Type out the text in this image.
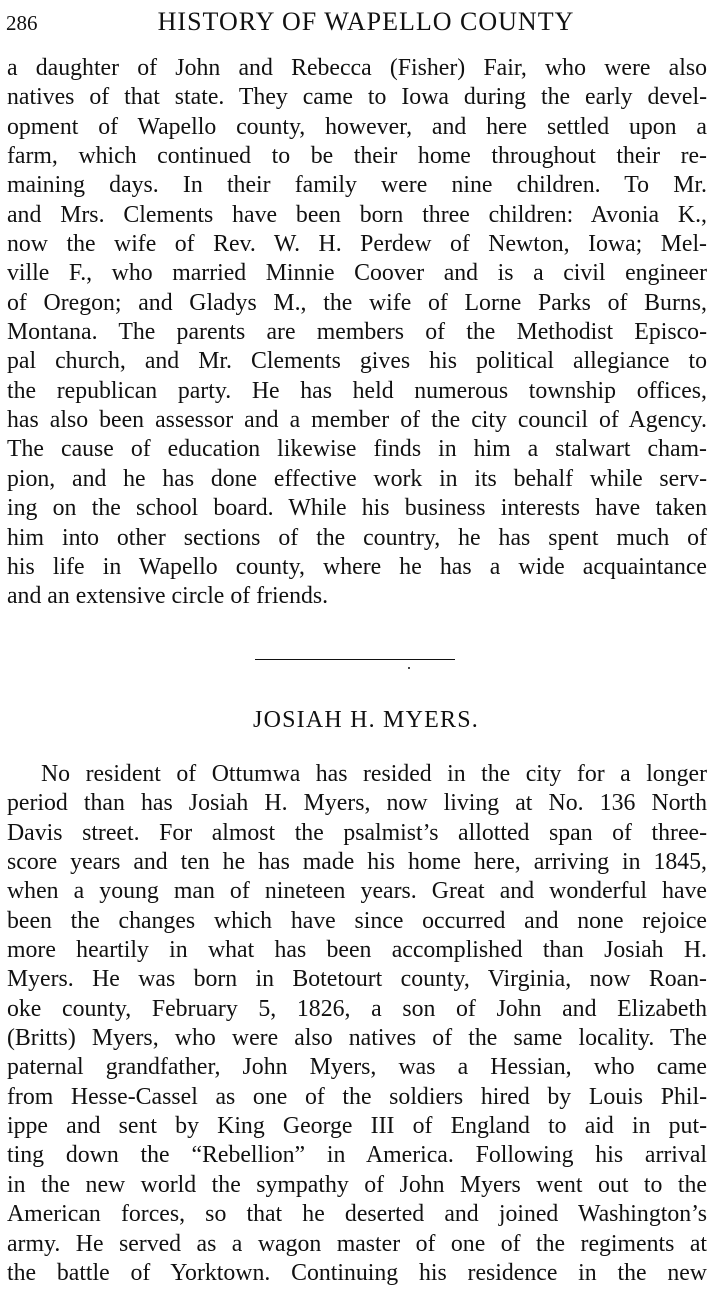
286	HISTORY OF WAPELLO COUNTY

a daughter of John and Rebecca (Fisher) Fair, who were also
natives of that state. They came to Iowa during the early devel-
opment of Wapello county, however, and here settled upon a
farm, which continued to be their home throughout their re-
maining days. In their family were nine children. To Mr.
and Mrs. Clements have been born three children: Avonia K.,
now the wife of Rev. W. H. Perdew of Newton, Iowa; Mel-
ville F., who married Minnie Coover and is a civil engineer
of Oregon; and Gladys M., the wife of Lorne Parks of Burns,
Montana. The parents are members of the Methodist Episco-
pal church, and Mr. Clements gives his political allegiance to
the republican party. He has held numerous township offices,
has also been assessor and a member of the city council of Agency.
The cause of education likewise finds in him a stalwart cham-
pion, and he has done effective work in its behalf while serv-
ing on the school board. While his business interests have taken
him into other sections of the country, he has spent much of
his life in Wapello county, where he has a wide acquaintance
and an extensive circle of friends.

JOSIAH H. MYERS.

No resident of Ottumwa has resided in the city for a longer
period than has Josiah H. Myers, now living at No. 136 North
Davis street. For almost the psalmist’s allotted span of three-
score years and ten he has made his home here, arriving in 1845,
when a young man of nineteen years. Great and wonderful have
been the changes which have since occurred and none rejoice
more heartily in what has been accomplished than Josiah H.
Myers. He was born in Botetourt county, Virginia, now Roan-
oke county, February 5, 1826, a son of John and Elizabeth
(Britts) Myers, who were also natives of the same locality. The
paternal grandfather, John Myers, was a Hessian, who came
from Hesse-Cassel as one of the soldiers hired by Louis Phil-
ippe and sent by King George III of England to aid in put-
ting down the “Rebellion” in America. Following his arrival
in the new world the sympathy of John Myers went out to the
American forces, so that he deserted and joined Washington’s
army. He served as a wagon master of one of the regiments at
the battle of Yorktown. Continuing his residence in the new
